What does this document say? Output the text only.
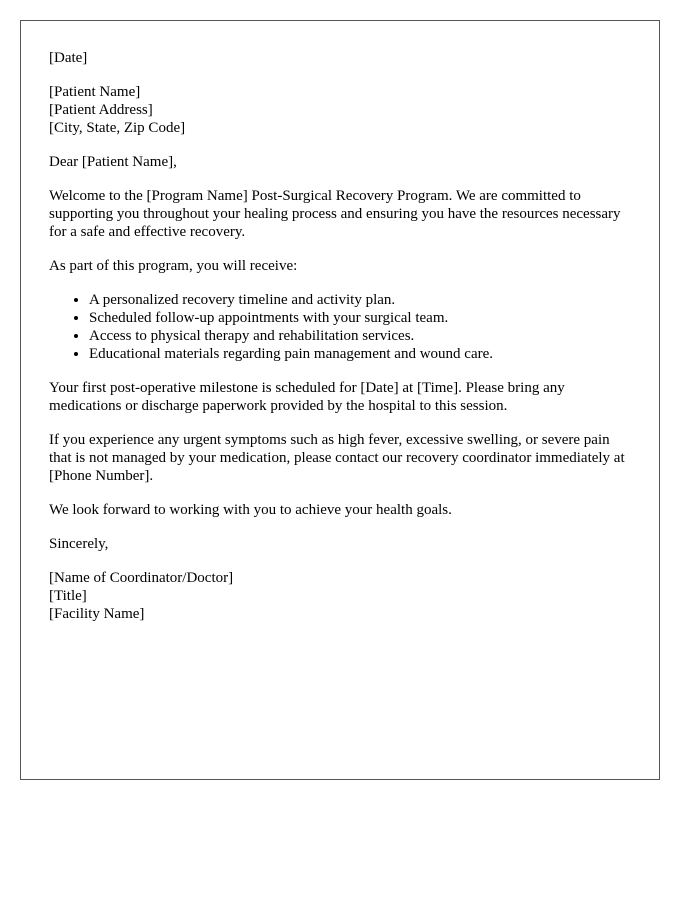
[Date]

[Patient Name]
[Patient Address]
[City, State, Zip Code]

Dear [Patient Name],

Welcome to the [Program Name] Post-Surgical Recovery Program. We are committed to supporting you throughout your healing process and ensuring you have the resources necessary for a safe and effective recovery.

As part of this program, you will receive:

• A personalized recovery timeline and activity plan.
• Scheduled follow-up appointments with your surgical team.
• Access to physical therapy and rehabilitation services.
• Educational materials regarding pain management and wound care.

Your first post-operative milestone is scheduled for [Date] at [Time]. Please bring any medications or discharge paperwork provided by the hospital to this session.

If you experience any urgent symptoms such as high fever, excessive swelling, or severe pain that is not managed by your medication, please contact our recovery coordinator immediately at [Phone Number].

We look forward to working with you to achieve your health goals.

Sincerely,

[Name of Coordinator/Doctor]
[Title]
[Facility Name]
